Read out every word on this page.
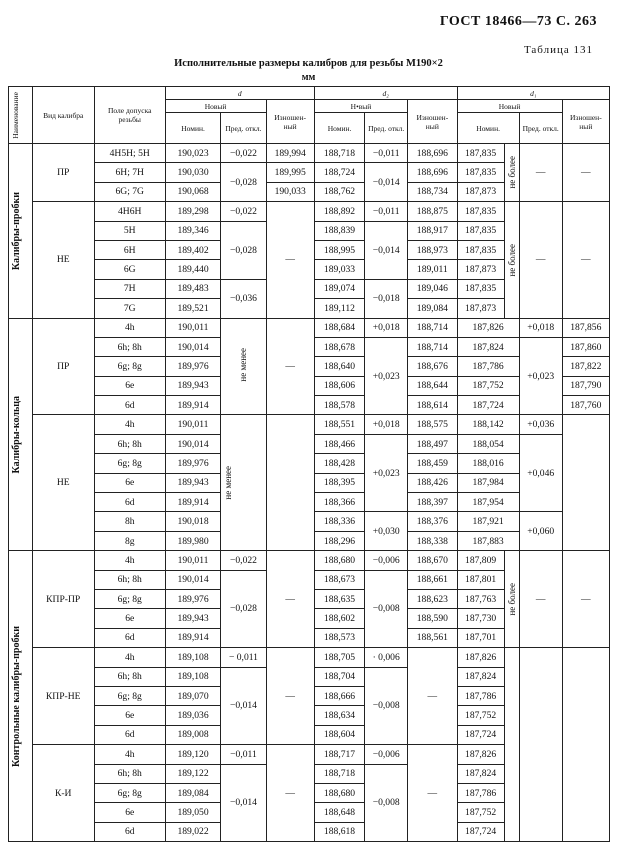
ГОСТ 18466—73 С. 263
Таблица 131
Исполнительные размеры калибров для резьбы М190×2
мм
Наименование	Вид калибра	Поле допуска резьбы	d			d₂			d₁			
			Новый		Изношен- ный	Н•вый		Изношен- ный	Новый			Изношен- ный
			Номин.	Пред. откл.		Номин.	Пред. откл.		Номин.		Пред. откл.	

Калибры-пробки	ПР	4H5H; 5H	190,023	−0,022	189,994	188,718	−0,011	188,696	187,835	не более	—	—
		6H; 7H	190,030	−0,028	189,995	188,724	−0,014	188,696	187,835			
		6G; 7G	190,068		190,033	188,762		188,734	187,873			
	НЕ	4H6H	189,298	−0,022	—	188,892	−0,011	188,875	187,835	не более	—	—
		5H	189,346	−0,028		188,839	−0,014	188,917	187,835			
		6H	189,402			188,995		188,973	187,835			
		6G	189,440			189,033		189,011	187,873			
		7H	189,483	−0,036		189,074	−0,018	189,046	187,835			
		7G	189,521			189,112		189,084	187,873			

Калибры-кольца	ПР	4h	190,011	не менее	—	188,684	+0,018	188,714	187,826		+0,018	187,856
		6h; 8h	190,014			188,678	+0,023	188,714	187,824		+0,023	187,860
		6g; 8g	189,976			188,640		188,676	187,786			187,822
		6e	189,943			188,606		188,644	187,752			187,790
		6d	189,914			188,578		188,614	187,724			187,760
	НЕ	4h	190,011	не менее		188,551	+0,018	188,575	188,142		+0,036	
		6h; 8h	190,014			188,466	+0,023	188,497	188,054		+0,046	
		6g; 8g	189,976			188,428		188,459	188,016			
		6e	189,943			188,395		188,426	187,984			
		6d	189,914			188,366		188,397	187,954			
		8h	190,018			188,336	+0,030	188,376	187,921		+0,060	
		8g	189,980			188,296		188,338	187,883			

Контрольные калибры-пробки	КПР-ПР	4h	190,011	−0,022	—	188,680	−0,006	188,670	187,809	не более	—	—
		6h; 8h	190,014	−0,028		188,673	−0,008	188,661	187,801			
		6g; 8g	189,976			188,635		188,623	187,763			
		6e	189,943			188,602		188,590	187,730			
		6d	189,914			188,573		188,561	187,701			
	КПР-НЕ	4h	189,108	− 0,011	—	188,705	· 0,006	—	187,826			
		6h; 8h	189,108	−0,014		188,704	−0,008		187,824			
		6g; 8g	189,070			188,666			187,786			
		6e	189,036			188,634			187,752			
		6d	189,008			188,604			187,724			
	К-И	4h	189,120	−0,011	—	188,717	−0,006	—	187,826			
		6h; 8h	189,122	−0,014		188,718	−0,008		187,824			
		6g; 8g	189,084			188,680			187,786			
		6e	189,050			188,648			187,752			
		6d	189,022			188,618			187,724			
